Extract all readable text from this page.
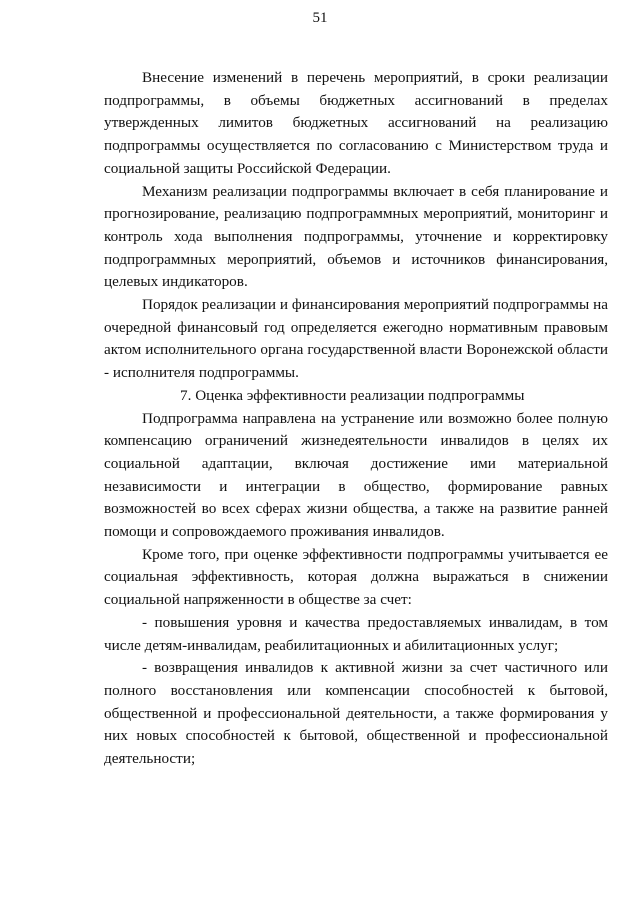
51

Внесение изменений в перечень мероприятий, в сроки реализации подпрограммы, в объемы бюджетных ассигнований в пределах утвержденных лимитов бюджетных ассигнований на реализацию подпрограммы осуществляется по согласованию с Министерством труда и социальной защиты Российской Федерации.

Механизм реализации подпрограммы включает в себя планирование и прогнозирование, реализацию подпрограммных мероприятий, мониторинг и контроль хода выполнения подпрограммы, уточнение и корректировку подпрограммных мероприятий, объемов и источников финансирования, целевых индикаторов.

Порядок реализации и финансирования мероприятий подпрограммы на очередной финансовый год определяется ежегодно нормативным правовым актом исполнительного органа государственной власти Воронежской области - исполнителя подпрограммы.

7. Оценка эффективности реализации подпрограммы

Подпрограмма направлена на устранение или возможно более полную компенсацию ограничений жизнедеятельности инвалидов в целях их социальной адаптации, включая достижение ими материальной независимости и интеграции в общество, формирование равных возможностей во всех сферах жизни общества, а также на развитие ранней помощи и сопровождаемого проживания инвалидов.

Кроме того, при оценке эффективности подпрограммы учитывается ее социальная эффективность, которая должна выражаться в снижении социальной напряженности в обществе за счет:

- повышения уровня и качества предоставляемых инвалидам, в том числе детям-инвалидам, реабилитационных и абилитационных услуг;

- возвращения инвалидов к активной жизни за счет частичного или полного восстановления или компенсации способностей к бытовой, общественной и профессиональной деятельности, а также формирования у них новых способностей к бытовой, общественной и профессиональной деятельности;
